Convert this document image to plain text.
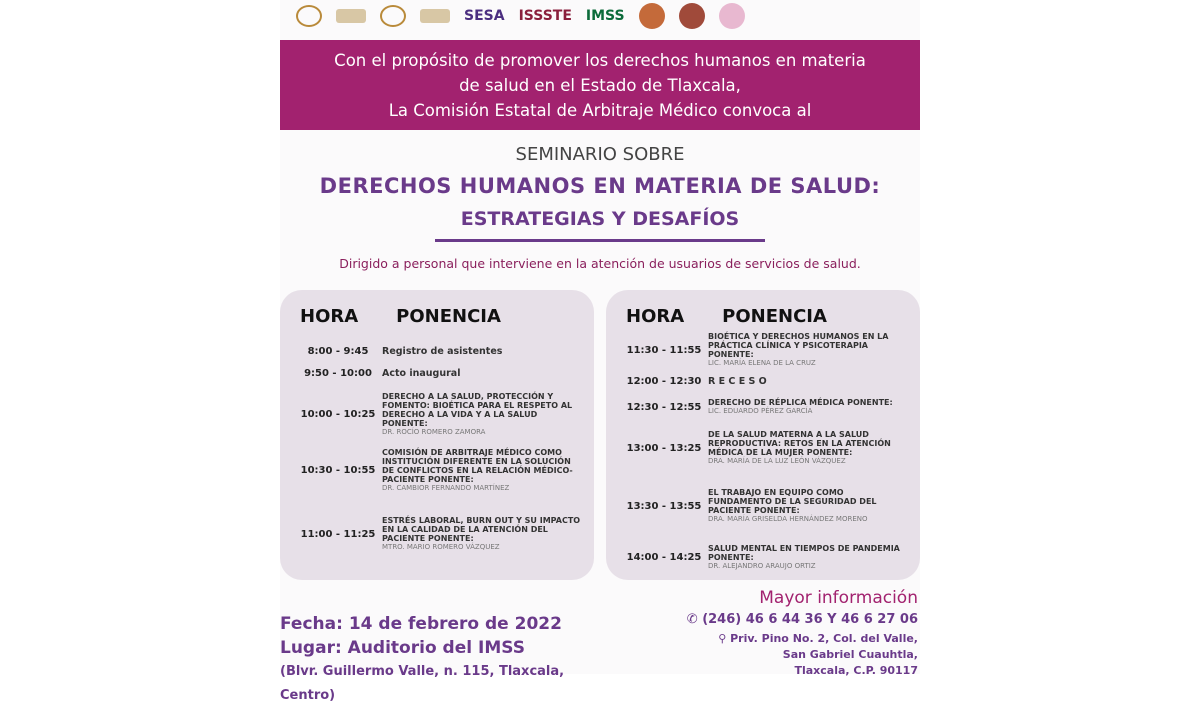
SESA ISSSTE IMSS
Con el propósito de promover los derechos humanos en materia
de salud en el Estado de Tlaxcala,
La Comisión Estatal de Arbitraje Médico convoca al
SEMINARIO SOBRE
DERECHOS HUMANOS EN MATERIA DE SALUD:
ESTRATEGIAS Y DESAFÍOS
Dirigido a personal que interviene en la atención de usuarios de servicios de salud.
HORA PONENCIA
8:00 - 9:45	Registro de asistentes
9:50 - 10:00	Acto inaugural
10:00 - 10:25
DERECHO A LA SALUD, PROTECCIÓN Y FOMENTO: BIOÉTICA PARA EL RESPETO AL DERECHO A LA VIDA Y A LA SALUD PONENTE:
DR. ROCÍO ROMERO ZAMORA
10:30 - 10:55
COMISIÓN DE ARBITRAJE MÉDICO COMO INSTITUCIÓN DIFERENTE EN LA SOLUCIÓN DE CONFLICTOS EN LA RELACIÓN MÉDICO-PACIENTE PONENTE:
DR. CAMBIOR FERNANDO MARTÍNEZ
11:00 - 11:25
ESTRÉS LABORAL, BURN OUT Y SU IMPACTO EN LA CALIDAD DE LA ATENCIÓN DEL PACIENTE PONENTE:
MTRO. MARIO ROMERO VÁZQUEZ
HORA PONENCIA
11:30 - 11:55
BIOÉTICA Y DERECHOS HUMANOS EN LA PRÁCTICA CLÍNICA Y PSICOTERAPIA PONENTE:
LIC. MARÍA ELENA DE LA CRUZ
12:00 - 12:30 R E C E S O
12:30 - 12:55 DERECHO DE RÉPLICA MÉDICA PONENTE:
LIC. EDUARDO PÉREZ GARCÍA
13:00 - 13:25
DE LA SALUD MATERNA A LA SALUD REPRODUCTIVA: RETOS EN LA ATENCIÓN MÉDICA DE LA MUJER PONENTE:
DRA. MARÍA DE LA LUZ LEÓN VÁZQUEZ
13:30 - 13:55
EL TRABAJO EN EQUIPO COMO FUNDAMENTO DE LA SEGURIDAD DEL PACIENTE PONENTE:
DRA. MARÍA GRISELDA HERNÁNDEZ MORENO
14:00 - 14:25
SALUD MENTAL EN TIEMPOS DE PANDEMIA PONENTE:
DR. ALEJANDRO ARAUJO ORTIZ
Fecha: 14 de febrero de 2022
Lugar: Auditorio del IMSS
(Blvr. Guillermo Valle, n. 115, Tlaxcala, Centro)
Mayor información
✆ (246) 46 6 44 36 Y 46 6 27 06
⚲ Priv. Pino No. 2, Col. del Valle,
San Gabriel Cuauhtla,
Tlaxcala, C.P. 90117
